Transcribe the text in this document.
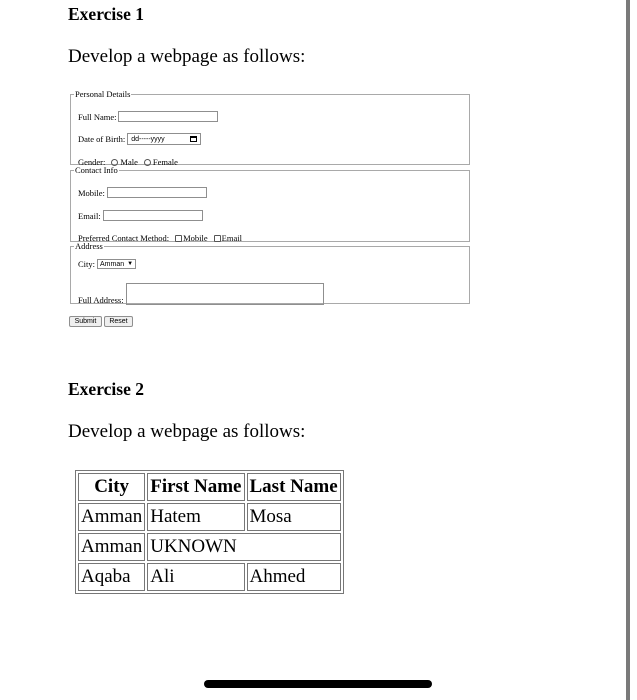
Exercise 1

Develop a webpage as follows:

Personal Details
Full Name:
Date of Birth: dd-----yyyy
Gender: Male Female
Contact Info
Mobile:
Email:
Preferred Contact Method: Mobile Email
Address
City: Amman ▼
Full Address:
Submit	Reset
Exercise 2

Develop a webpage as follows:

City	First Name	Last Name
Amman	Hatem	Mosa
Amman	UKNOWN	
Aqaba	Ali	Ahmed
